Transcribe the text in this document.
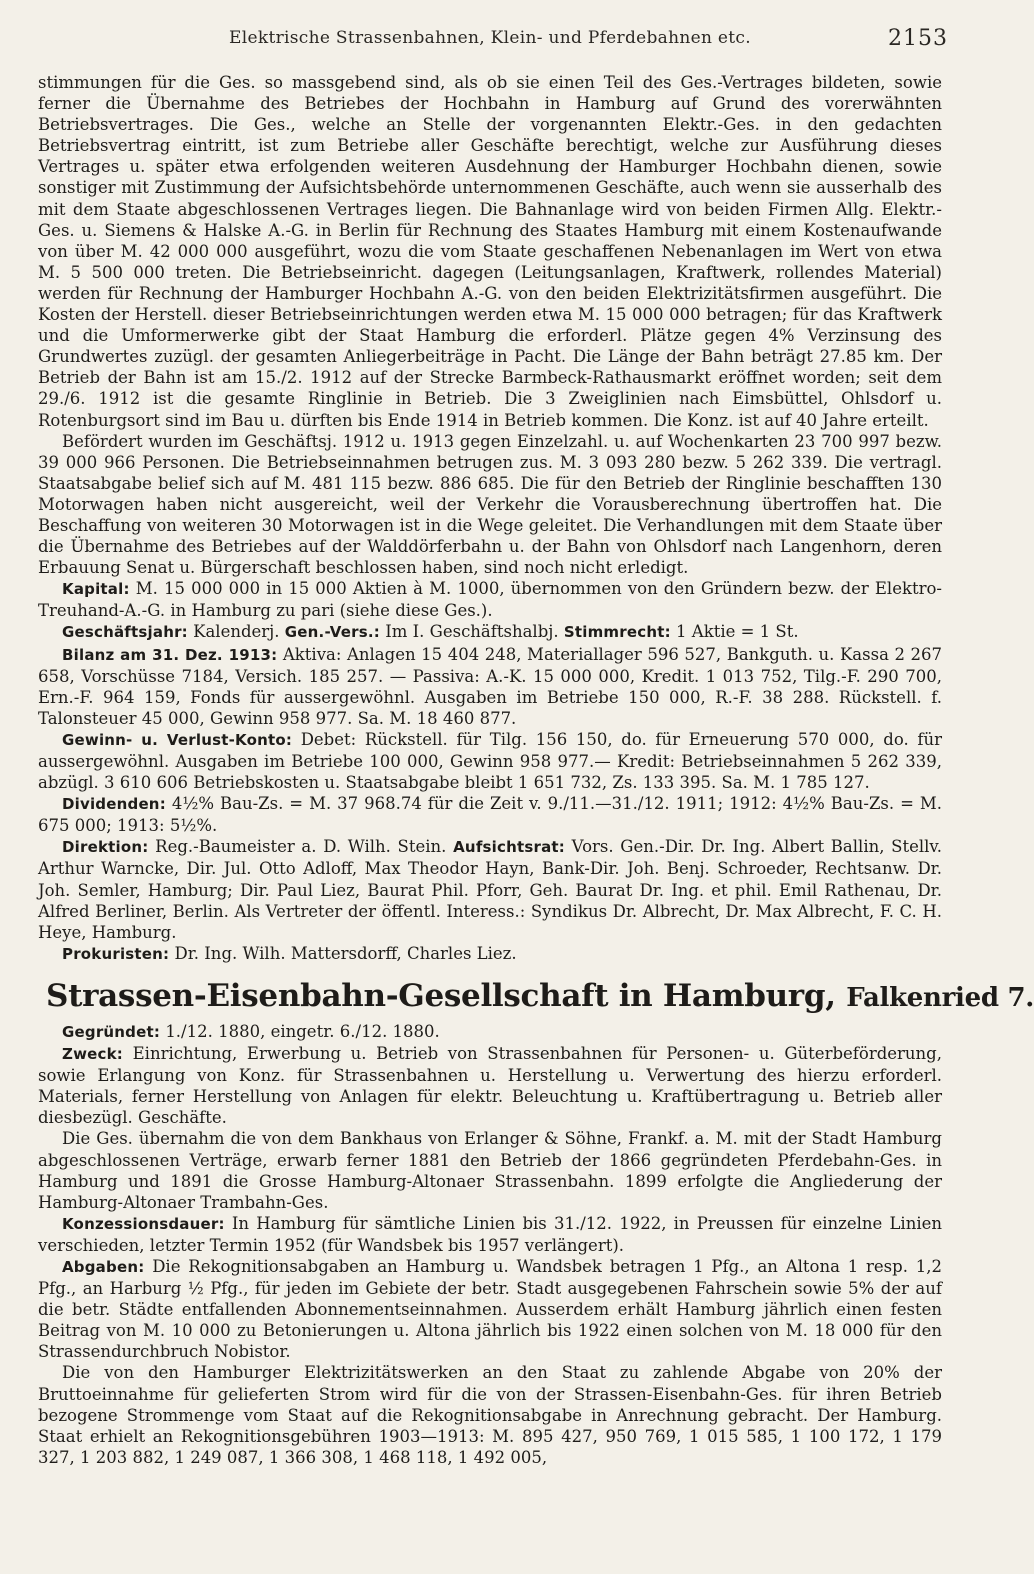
Elektrische Strassenbahnen, Klein- und Pferdebahnen etc.	2153

stimmungen für die Ges. so massgebend sind, als ob sie einen Teil des Ges.-Vertrages bildeten, sowie ferner die Übernahme des Betriebes der Hochbahn in Hamburg auf Grund des vorerwähnten Betriebsvertrages. Die Ges., welche an Stelle der vorgenannten Elektr.-Ges. in den gedachten Betriebsvertrag eintritt, ist zum Betriebe aller Geschäfte berechtigt, welche zur Ausführung dieses Vertrages u. später etwa erfolgenden weiteren Ausdehnung der Hamburger Hochbahn dienen, sowie sonstiger mit Zustimmung der Aufsichtsbehörde unternommenen Geschäfte, auch wenn sie ausserhalb des mit dem Staate abgeschlossenen Vertrages liegen. Die Bahnanlage wird von beiden Firmen Allg. Elektr.-Ges. u. Siemens & Halske A.-G. in Berlin für Rechnung des Staates Hamburg mit einem Kostenaufwande von über M. 42 000 000 ausgeführt, wozu die vom Staate geschaffenen Nebenanlagen im Wert von etwa M. 5 500 000 treten. Die Betriebseinricht. dagegen (Leitungsanlagen, Kraftwerk, rollendes Material) werden für Rechnung der Hamburger Hochbahn A.-G. von den beiden Elektrizitätsfirmen ausgeführt. Die Kosten der Herstell. dieser Betriebseinrichtungen werden etwa M. 15 000 000 betragen; für das Kraftwerk und die Umformerwerke gibt der Staat Hamburg die erforderl. Plätze gegen 4% Verzinsung des Grundwertes zuzügl. der gesamten Anliegerbeiträge in Pacht. Die Länge der Bahn beträgt 27.85 km. Der Betrieb der Bahn ist am 15./2. 1912 auf der Strecke Barmbeck-Rathausmarkt eröffnet worden; seit dem 29./6. 1912 ist die gesamte Ringlinie in Betrieb. Die 3 Zweiglinien nach Eimsbüttel, Ohlsdorf u. Rotenburgsort sind im Bau u. dürften bis Ende 1914 in Betrieb kommen. Die Konz. ist auf 40 Jahre erteilt.

Befördert wurden im Geschäftsj. 1912 u. 1913 gegen Einzelzahl. u. auf Wochenkarten 23 700 997 bezw. 39 000 966 Personen. Die Betriebseinnahmen betrugen zus. M. 3 093 280 bezw. 5 262 339. Die vertragl. Staatsabgabe belief sich auf M. 481 115 bezw. 886 685. Die für den Betrieb der Ringlinie beschafften 130 Motorwagen haben nicht ausgereicht, weil der Verkehr die Vorausberechnung übertroffen hat. Die Beschaffung von weiteren 30 Motorwagen ist in die Wege geleitet. Die Verhandlungen mit dem Staate über die Übernahme des Betriebes auf der Walddörferbahn u. der Bahn von Ohlsdorf nach Langenhorn, deren Erbauung Senat u. Bürgerschaft beschlossen haben, sind noch nicht erledigt.

Kapital: M. 15 000 000 in 15 000 Aktien à M. 1000, übernommen von den Gründern bezw. der Elektro-Treuhand-A.-G. in Hamburg zu pari (siehe diese Ges.).

Geschäftsjahr: Kalenderj. Gen.-Vers.: Im I. Geschäftshalbj. Stimmrecht: 1 Aktie = 1 St.

Bilanz am 31. Dez. 1913: Aktiva: Anlagen 15 404 248, Materiallager 596 527, Bankguth. u. Kassa 2 267 658, Vorschüsse 7184, Versich. 185 257. — Passiva: A.-K. 15 000 000, Kredit. 1 013 752, Tilg.-F. 290 700, Ern.-F. 964 159, Fonds für aussergewöhnl. Ausgaben im Betriebe 150 000, R.-F. 38 288. Rückstell. f. Talonsteuer 45 000, Gewinn 958 977. Sa. M. 18 460 877.

Gewinn- u. Verlust-Konto: Debet: Rückstell. für Tilg. 156 150, do. für Erneuerung 570 000, do. für aussergewöhnl. Ausgaben im Betriebe 100 000, Gewinn 958 977.— Kredit: Betriebseinnahmen 5 262 339, abzügl. 3 610 606 Betriebskosten u. Staatsabgabe bleibt 1 651 732, Zs. 133 395. Sa. M. 1 785 127.

Dividenden: 4½% Bau-Zs. = M. 37 968.74 für die Zeit v. 9./11.—31./12. 1911; 1912: 4½% Bau-Zs. = M. 675 000; 1913: 5½%.

Direktion: Reg.-Baumeister a. D. Wilh. Stein. Aufsichtsrat: Vors. Gen.-Dir. Dr. Ing. Albert Ballin, Stellv. Arthur Warncke, Dir. Jul. Otto Adloff, Max Theodor Hayn, Bank-Dir. Joh. Benj. Schroeder, Rechtsanw. Dr. Joh. Semler, Hamburg; Dir. Paul Liez, Baurat Phil. Pforr, Geh. Baurat Dr. Ing. et phil. Emil Rathenau, Dr. Alfred Berliner, Berlin. Als Vertreter der öffentl. Interess.: Syndikus Dr. Albrecht, Dr. Max Albrecht, F. C. H. Heye, Hamburg.

Prokuristen: Dr. Ing. Wilh. Mattersdorff, Charles Liez.

Strassen-Eisenbahn-Gesellschaft in Hamburg, Falkenried 7.

Gegründet: 1./12. 1880, eingetr. 6./12. 1880.

Zweck: Einrichtung, Erwerbung u. Betrieb von Strassenbahnen für Personen- u. Güterbeförderung, sowie Erlangung von Konz. für Strassenbahnen u. Herstellung u. Verwertung des hierzu erforderl. Materials, ferner Herstellung von Anlagen für elektr. Beleuchtung u. Kraftübertragung u. Betrieb aller diesbezügl. Geschäfte.

Die Ges. übernahm die von dem Bankhaus von Erlanger & Söhne, Frankf. a. M. mit der Stadt Hamburg abgeschlossenen Verträge, erwarb ferner 1881 den Betrieb der 1866 gegründeten Pferdebahn-Ges. in Hamburg und 1891 die Grosse Hamburg-Altonaer Strassenbahn. 1899 erfolgte die Angliederung der Hamburg-Altonaer Trambahn-Ges.

Konzessionsdauer: In Hamburg für sämtliche Linien bis 31./12. 1922, in Preussen für einzelne Linien verschieden, letzter Termin 1952 (für Wandsbek bis 1957 verlängert).

Abgaben: Die Rekognitionsabgaben an Hamburg u. Wandsbek betragen 1 Pfg., an Altona 1 resp. 1,2 Pfg., an Harburg ½ Pfg., für jeden im Gebiete der betr. Stadt ausgegebenen Fahrschein sowie 5% der auf die betr. Städte entfallenden Abonnementseinnahmen. Ausserdem erhält Hamburg jährlich einen festen Beitrag von M. 10 000 zu Betonierungen u. Altona jährlich bis 1922 einen solchen von M. 18 000 für den Strassendurchbruch Nobistor.

Die von den Hamburger Elektrizitätswerken an den Staat zu zahlende Abgabe von 20% der Bruttoeinnahme für gelieferten Strom wird für die von der Strassen-Eisenbahn-Ges. für ihren Betrieb bezogene Strommenge vom Staat auf die Rekognitionsabgabe in Anrechnung gebracht. Der Hamburg. Staat erhielt an Rekognitionsgebühren 1903—1913: M. 895 427, 950 769, 1 015 585, 1 100 172, 1 179 327, 1 203 882, 1 249 087, 1 366 308, 1 468 118, 1 492 005,
